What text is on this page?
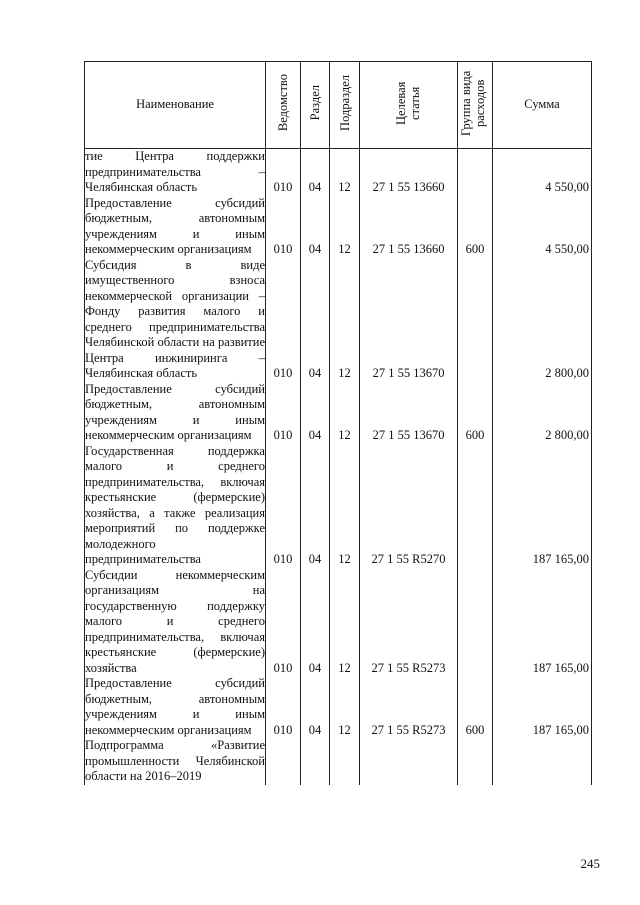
Наименование	Ведомство	Раздел	Подраздел	Целевая статья	Группа вида расходов	Сумма
тие Центра поддержки предпринимательства – Челябинская область	010	04	12	27 1 55 13660		4 550,00

Предоставление субсидий бюджетным, автономным учреждениям и иным некоммерческим организациям	010	04	12	27 1 55 13660	600	4 550,00

Субсидия в виде имущественного взноса некоммерческой организации – Фонду развития малого и среднего предпринимательства Челябинской области на развитие Центра инжиниринга – Челябинская область	010	04	12	27 1 55 13670		2 800,00

Предоставление субсидий бюджетным, автономным учреждениям и иным некоммерческим организациям	010	04	12	27 1 55 13670	600	2 800,00

Государственная поддержка малого и среднего предпринимательства, включая крестьянские (фермерские) хозяйства, а также реализация мероприятий по поддержке молодежного предпринимательства	010	04	12	27 1 55 R5270		187 165,00

Субсидии некоммерческим организациям на государственную поддержку малого и среднего предпринимательства, включая крестьянские (фермерские) хозяйства	010	04	12	27 1 55 R5273		187 165,00

Предоставление субсидий бюджетным, автономным учреждениям и иным некоммерческим организациям	010	04	12	27 1 55 R5273	600	187 165,00

Подпрограмма «Развитие промышленности Челябинской области на 2016–2019	

245
